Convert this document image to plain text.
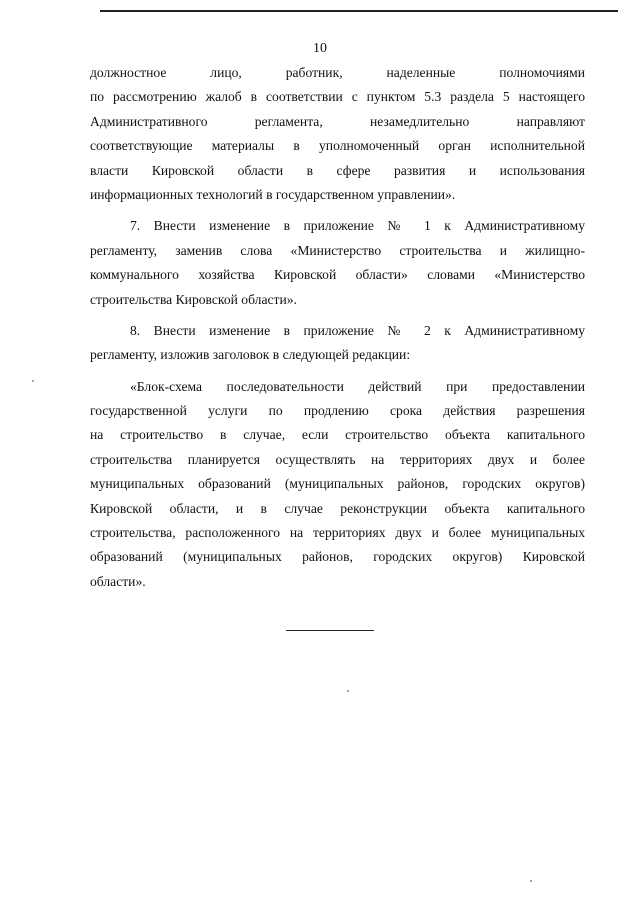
10
должностное лицо, работник, наделенные полномочиями
по рассмотрению жалоб в соответствии с пунктом 5.3 раздела 5 настоящего
Административного регламента, незамедлительно направляют
соответствующие материалы в уполномоченный орган исполнительной
власти Кировской области в сфере развития и использования
информационных технологий в государственном управлении».
7. Внести изменение в приложение № 1 к Административному
регламенту, заменив слова «Министерство строительства и жилищно-
коммунального хозяйства Кировской области» словами «Министерство
строительства Кировской области».
8. Внести изменение в приложение № 2 к Административному
регламенту, изложив заголовок в следующей редакции:
«Блок-схема последовательности действий при предоставлении
государственной услуги по продлению срока действия разрешения
на строительство в случае, если строительство объекта капитального
строительства планируется осуществлять на территориях двух и более
муниципальных образований (муниципальных районов, городских округов)
Кировской области, и в случае реконструкции объекта капитального
строительства, расположенного на территориях двух и более муниципальных
образований (муниципальных районов, городских округов) Кировской
области».
